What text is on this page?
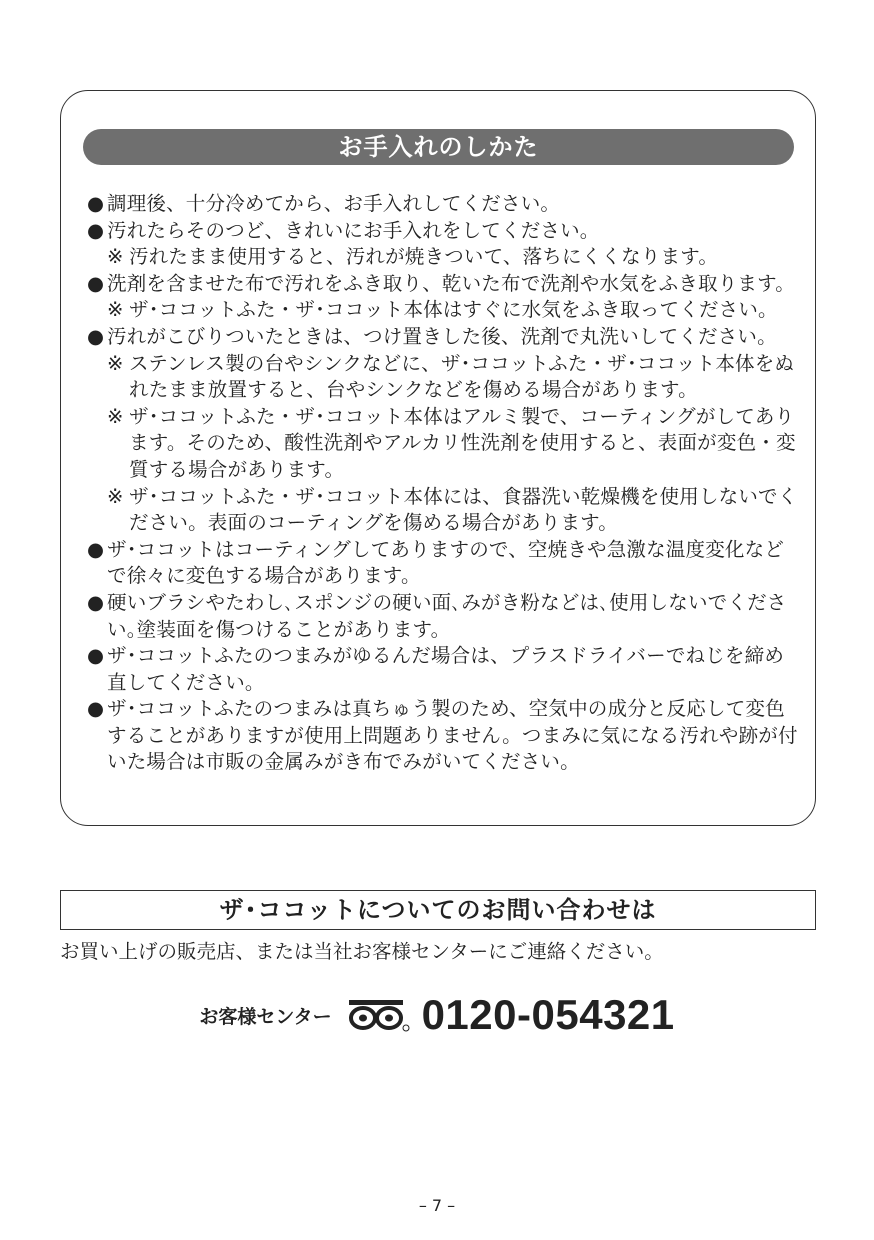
お手入れのしかた
● 調理後、十分冷めてから、お手入れしてください。
● 汚れたらそのつど、きれいにお手入れをしてください。
※ 汚れたまま使用すると、汚れが焼きついて、落ちにくくなります。
● 洗剤を含ませた布で汚れをふき取り、乾いた布で洗剤や水気をふき取ります。
※ ザ･ココットふた・ザ･ココット本体はすぐに水気をふき取ってください。
● 汚れがこびりついたときは、つけ置きした後、洗剤で丸洗いしてください。
※ ステンレス製の台やシンクなどに、ザ･ココットふた・ザ･ココット本体をぬれたまま放置すると、台やシンクなどを傷める場合があります。
※ ザ･ココットふた・ザ･ココット本体はアルミ製で、コーティングがしてあります。そのため、酸性洗剤やアルカリ性洗剤を使用すると、表面が変色・変質する場合があります。
※ ザ･ココットふた・ザ･ココット本体には、食器洗い乾燥機を使用しないでください。表面のコーティングを傷める場合があります。
● ザ･ココットはコーティングしてありますので、空焼きや急激な温度変化などで徐々に変色する場合があります。
● 硬いブラシやたわし､スポンジの硬い面､みがき粉などは､使用しないでください｡塗装面を傷つけることがあります。
● ザ･ココットふたのつまみがゆるんだ場合は、プラスドライバーでねじを締め直してください。
● ザ･ココットふたのつまみは真ちゅう製のため、空気中の成分と反応して変色することがありますが使用上問題ありません。つまみに気になる汚れや跡が付いた場合は市販の金属みがき布でみがいてください。
ザ･ココットについてのお問い合わせは
お買い上げの販売店、または当社お客様センターにご連絡ください。
お客様センター 0120-054321
– 7 –
